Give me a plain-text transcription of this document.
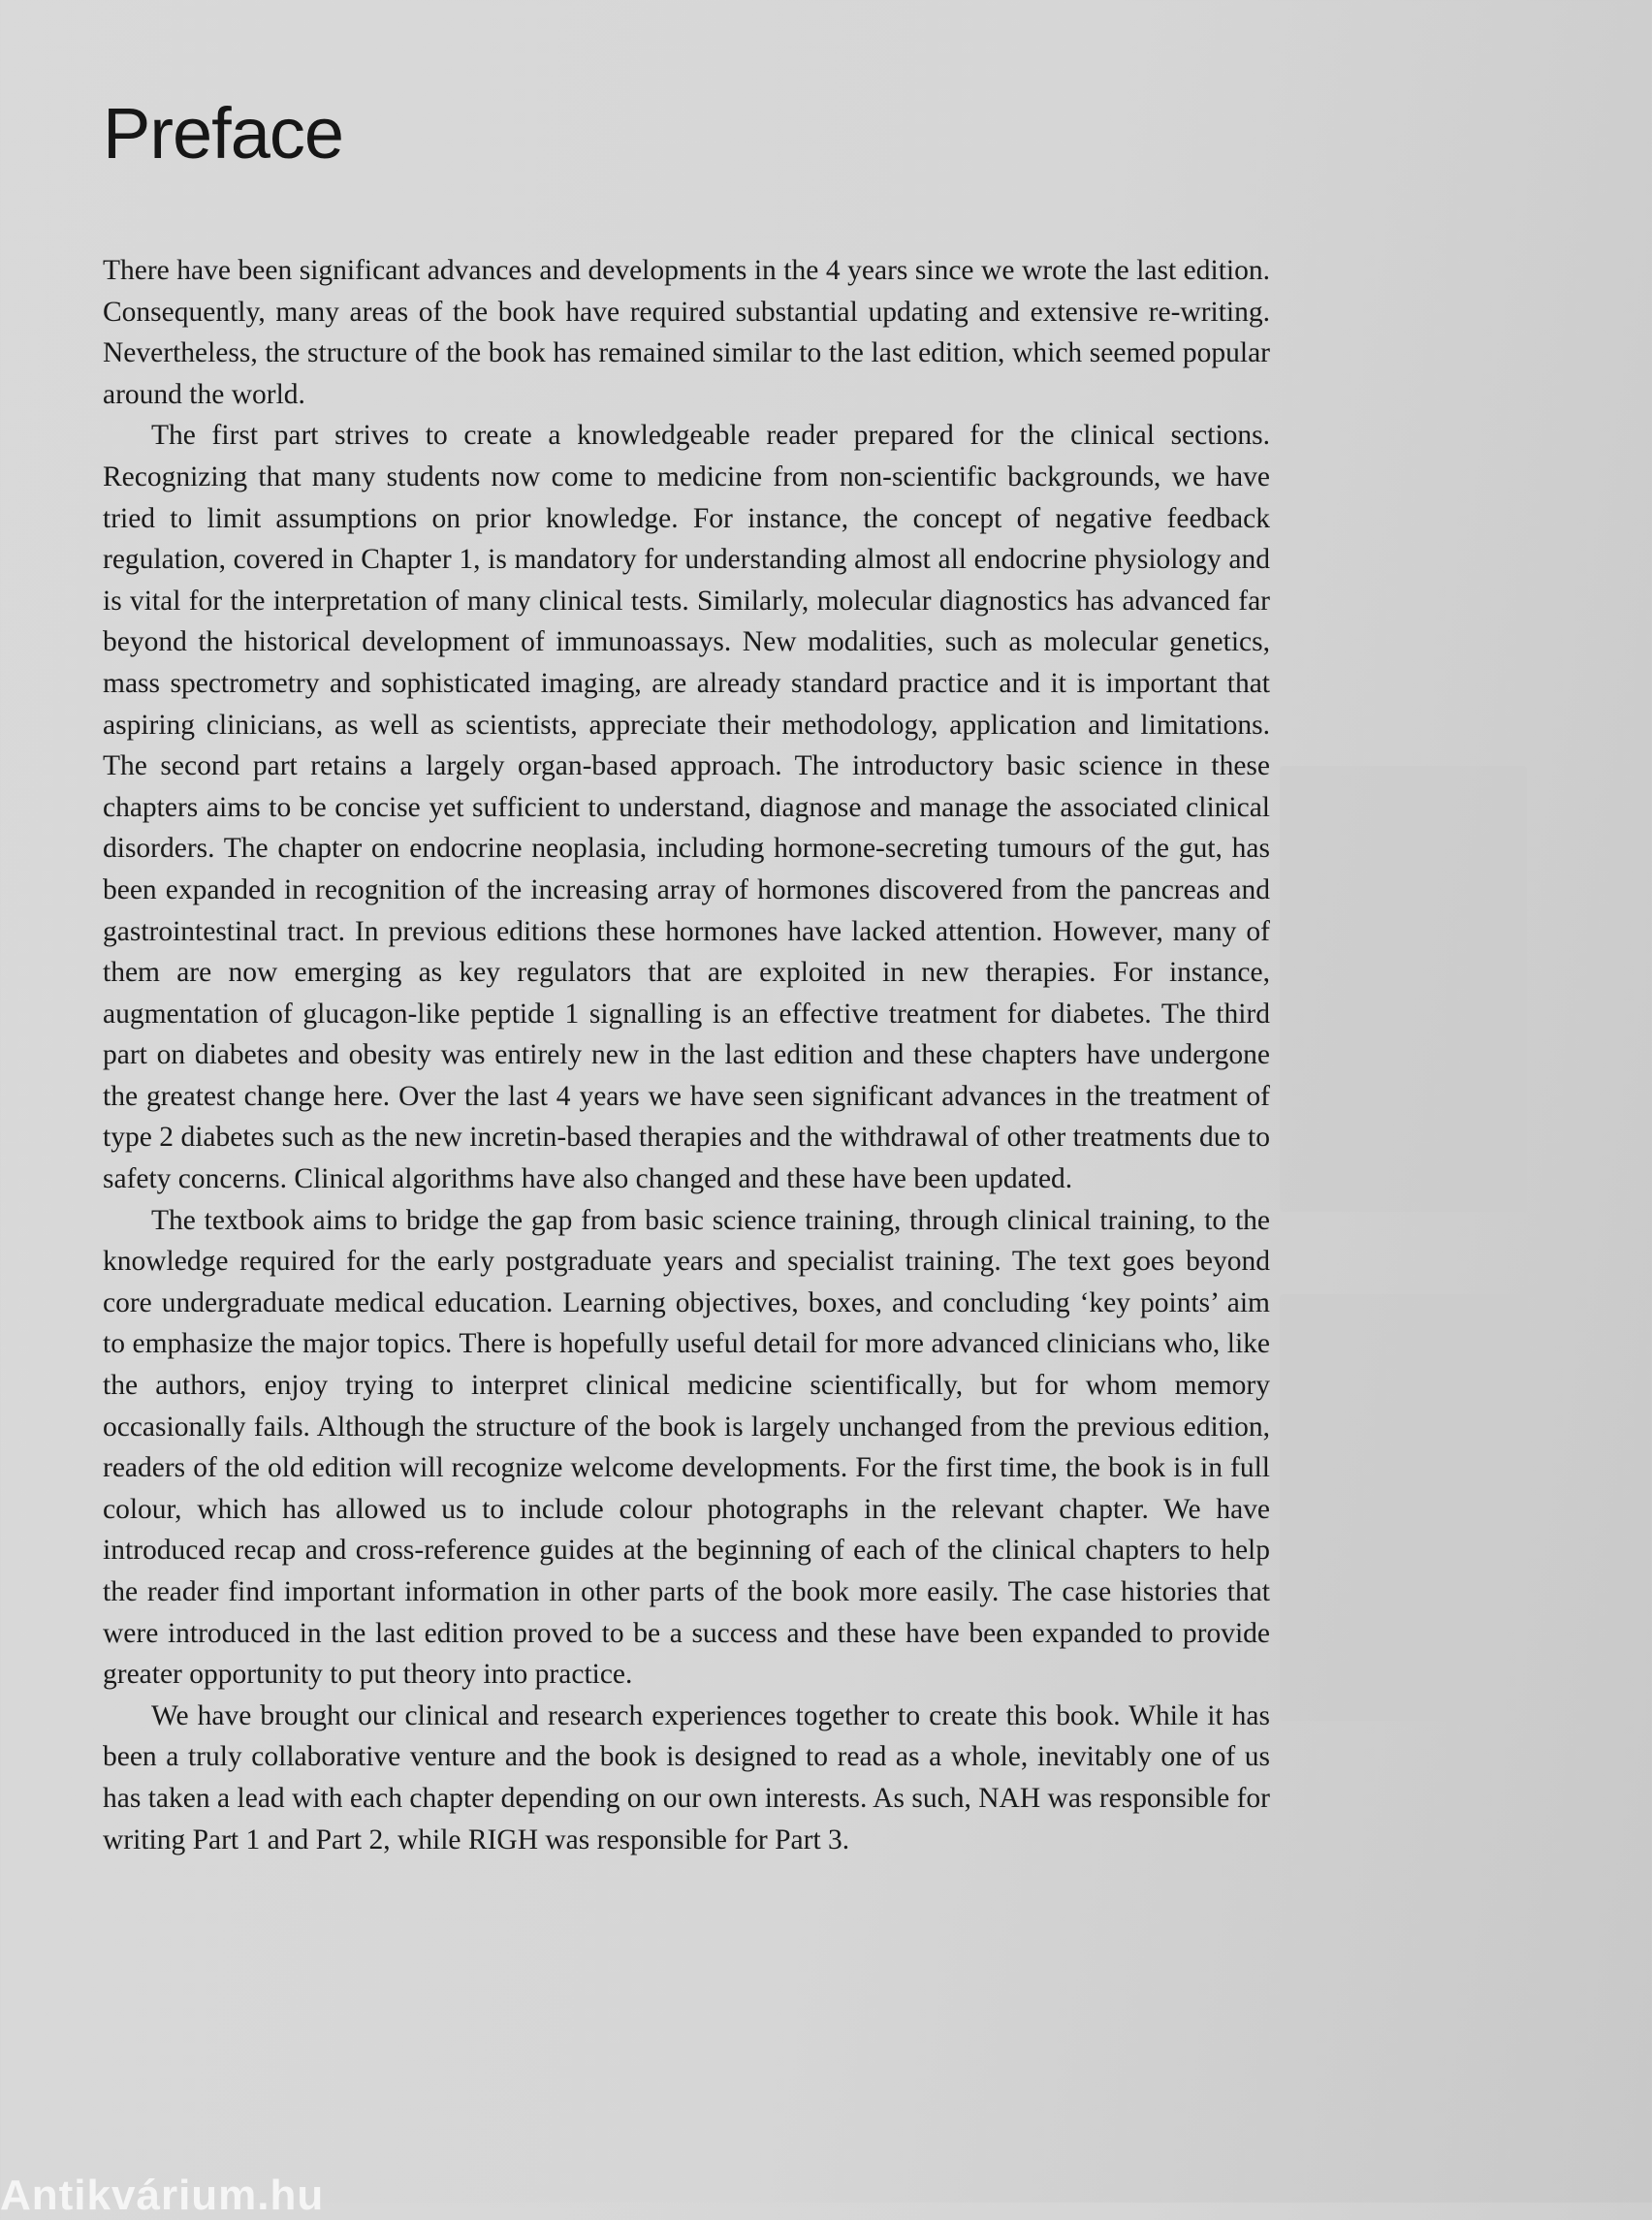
Preface

There have been significant advances and developments in the 4 years since we wrote the last edition. Consequently, many areas of the book have required substantial updating and extensive re-writing. Nevertheless, the structure of the book has remained similar to the last edition, which seemed popular around the world.

The first part strives to create a knowledgeable reader prepared for the clinical sections. Recognizing that many students now come to medicine from non-scientific backgrounds, we have tried to limit assumptions on prior knowledge. For instance, the concept of negative feedback regulation, covered in Chapter 1, is mandatory for understanding almost all endocrine physiology and is vital for the interpretation of many clinical tests. Similarly, molecular diagnostics has advanced far beyond the historical development of immunoassays. New modalities, such as molecular genetics, mass spectrometry and sophisticated imaging, are already standard practice and it is important that aspiring clinicians, as well as scientists, appreciate their methodology, application and limitations. The second part retains a largely organ-based approach. The introductory basic science in these chapters aims to be concise yet sufficient to understand, diagnose and manage the associated clinical disorders. The chapter on endocrine neoplasia, including hormone-secreting tumours of the gut, has been expanded in recognition of the increasing array of hormones discovered from the pancreas and gastrointestinal tract. In previous editions these hormones have lacked attention. However, many of them are now emerging as key regulators that are exploited in new therapies. For instance, augmentation of glucagon-like peptide 1 signalling is an effective treatment for diabetes. The third part on diabetes and obesity was entirely new in the last edition and these chapters have undergone the greatest change here. Over the last 4 years we have seen significant advances in the treatment of type 2 diabetes such as the new incretin-based therapies and the withdrawal of other treatments due to safety concerns. Clinical algorithms have also changed and these have been updated.

The textbook aims to bridge the gap from basic science training, through clinical training, to the knowledge required for the early postgraduate years and specialist training. The text goes beyond core undergraduate medical education. Learning objectives, boxes, and concluding ‘key points’ aim to emphasize the major topics. There is hopefully useful detail for more advanced clinicians who, like the authors, enjoy trying to interpret clinical medicine scientifically, but for whom memory occasionally fails. Although the structure of the book is largely unchanged from the previous edition, readers of the old edition will recognize welcome developments. For the first time, the book is in full colour, which has allowed us to include colour photographs in the relevant chapter. We have introduced recap and cross-reference guides at the beginning of each of the clinical chapters to help the reader find important information in other parts of the book more easily. The case histories that were introduced in the last edition proved to be a success and these have been expanded to provide greater opportunity to put theory into practice.

We have brought our clinical and research experiences together to create this book. While it has been a truly collaborative venture and the book is designed to read as a whole, inevitably one of us has taken a lead with each chapter depending on our own interests. As such, NAH was responsible for writing Part 1 and Part 2, while RIGH was responsible for Part 3.

Antikvárium.hu
